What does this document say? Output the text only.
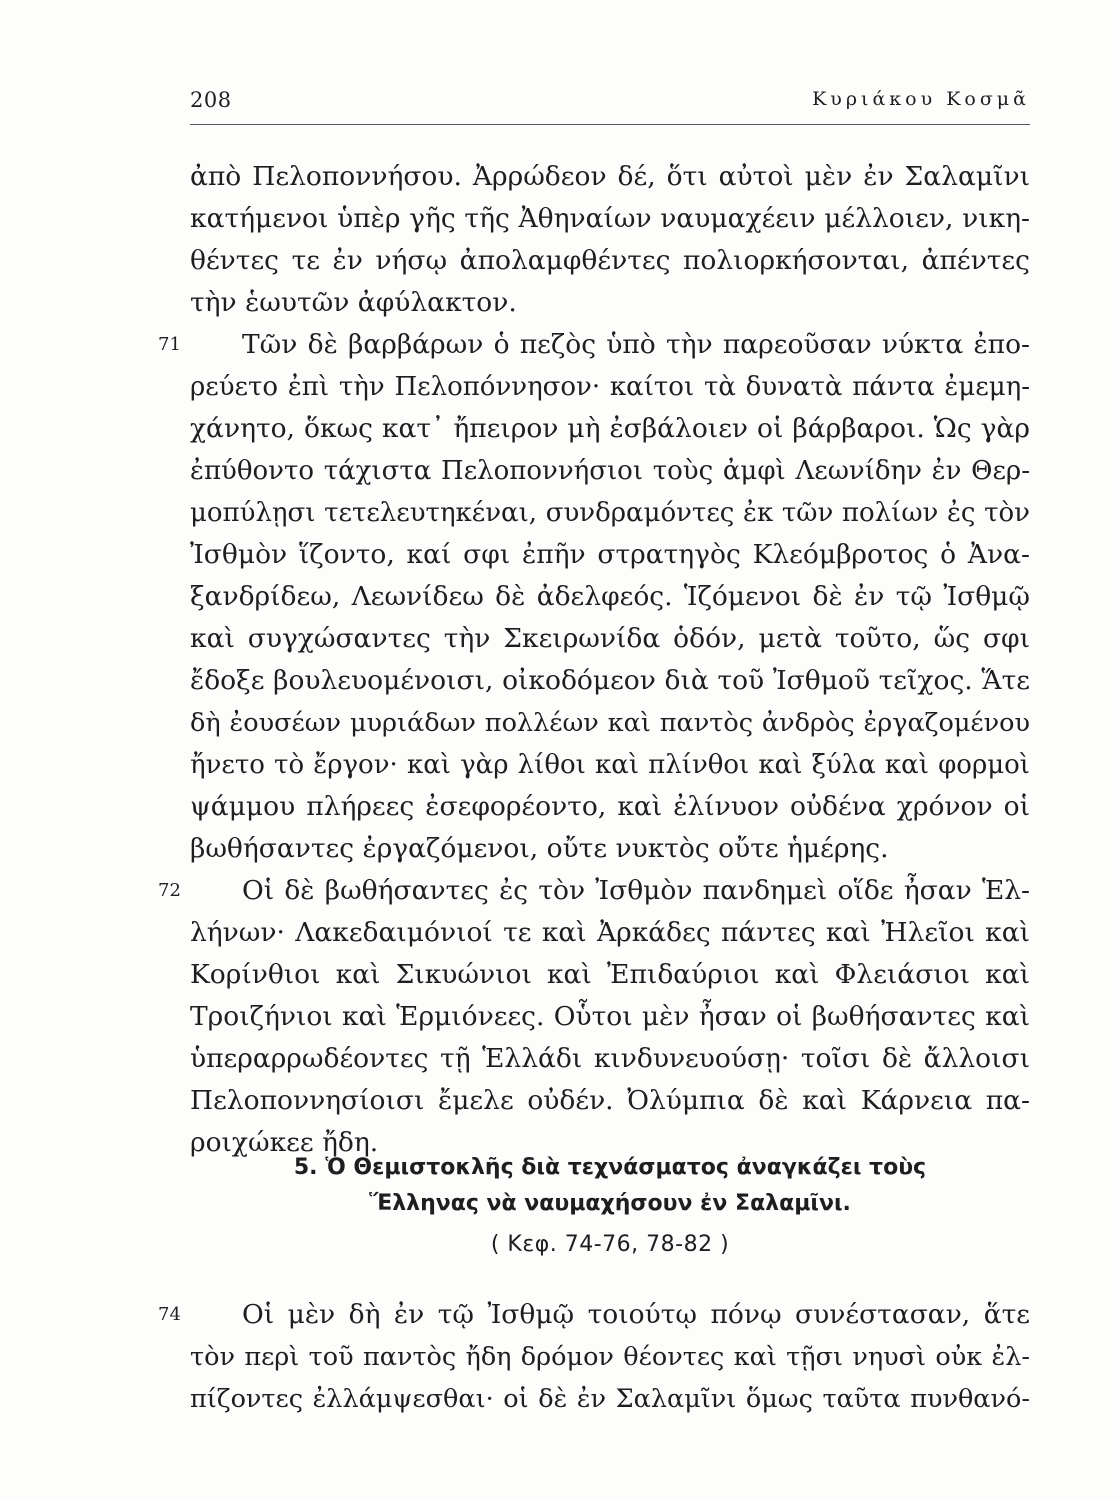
208	Κυριάκου Κοσμᾶ
ἀπὸ Πελοποννήσου. Ἀρρώδεον δέ, ὅτι αὐτοὶ μὲν ἐν Σαλαμῖνι
κατήμενοι ὑπὲρ γῆς τῆς Ἀθηναίων ναυμαχέειν μέλλοιεν, νικη-
θέντες τε ἐν νήσῳ ἀπολαμφθέντες πολιορκήσονται, ἀπέντες
τὴν ἑωυτῶν ἀφύλακτον.
71 Τῶν δὲ βαρβάρων ὁ πεζὸς ὑπὸ τὴν παρεοῦσαν νύκτα ἐπο-
ρεύετο ἐπὶ τὴν Πελοπόννησον· καίτοι τὰ δυνατὰ πάντα ἐμεμη-
χάνητο, ὅκως κατ᾿ ἤπειρον μὴ ἐσβάλοιεν οἱ βάρβαροι. Ὡς γὰρ
ἐπύθοντο τάχιστα Πελοποννήσιοι τοὺς ἀμφὶ Λεωνίδην ἐν Θερ-
μοπύλῃσι τετελευτηκέναι, συνδραμόντες ἐκ τῶν πολίων ἐς τὸν
Ἰσθμὸν ἵζοντο, καί σφι ἐπῆν στρατηγὸς Κλεόμβροτος ὁ Ἀνα-
ξανδρίδεω, Λεωνίδεω δὲ ἀδελφεός. Ἱζόμενοι δὲ ἐν τῷ Ἰσθμῷ
καὶ συγχώσαντες τὴν Σκειρωνίδα ὁδόν, μετὰ τοῦτο, ὥς σφι
ἔδοξε βουλευομένοισι, οἰκοδόμεον διὰ τοῦ Ἰσθμοῦ τεῖχος. Ἅτε
δὴ ἐουσέων μυριάδων πολλέων καὶ παντὸς ἀνδρὸς ἐργαζομένου
ἤνετο τὸ ἔργον· καὶ γὰρ λίθοι καὶ πλίνθοι καὶ ξύλα καὶ φορμοὶ
ψάμμου πλήρεες ἐσεφορέοντο, καὶ ἐλίνυον οὐδένα χρόνον οἱ
βωθήσαντες ἐργαζόμενοι, οὔτε νυκτὸς οὔτε ἡμέρης.
72 Οἱ δὲ βωθήσαντες ἐς τὸν Ἰσθμὸν πανδημεὶ οἵδε ἦσαν Ἑλ-
λήνων· Λακεδαιμόνιοί τε καὶ Ἀρκάδες πάντες καὶ Ἠλεῖοι καὶ
Κορίνθιοι καὶ Σικυώνιοι καὶ Ἐπιδαύριοι καὶ Φλειάσιοι καὶ
Τροιζήνιοι καὶ Ἑρμιόνεες. Οὗτοι μὲν ἦσαν οἱ βωθήσαντες καὶ
ὑπεραρρωδέοντες τῇ Ἑλλάδι κινδυνευούσῃ· τοῖσι δὲ ἄλλοισι
Πελοποννησίοισι ἔμελε οὐδέν. Ὀλύμπια δὲ καὶ Κάρνεια πα-
ροιχώκεε ἤδη.
5. Ὁ Θεμιστοκλῆς διὰ τεχνάσματος ἀναγκάζει τοὺς
Ἕλληνας νὰ ναυμαχήσουν ἐν Σαλαμῖνι.
( Κεφ. 74-76, 78-82 )
74 Οἱ μὲν δὴ ἐν τῷ Ἰσθμῷ τοιούτῳ πόνῳ συνέστασαν, ἅτε
τὸν περὶ τοῦ παντὸς ἤδη δρόμον θέοντες καὶ τῇσι νηυσὶ οὐκ ἐλ-
πίζοντες ἐλλάμψεσθαι· οἱ δὲ ἐν Σαλαμῖνι ὅμως ταῦτα πυνθανό-
